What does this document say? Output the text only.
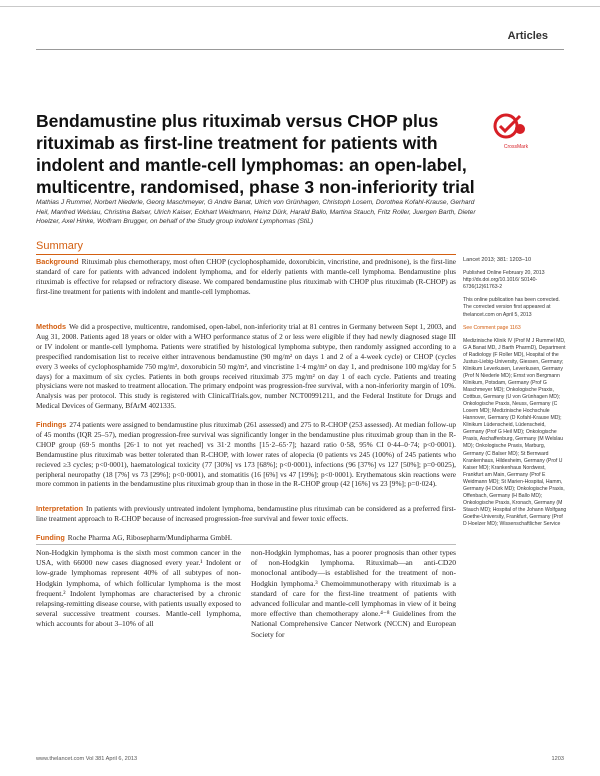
Articles
CrossMark
Bendamustine plus rituximab versus CHOP plus rituximab as first-line treatment for patients with indolent and mantle-cell lymphomas: an open-label, multicentre, randomised, phase 3 non-inferiority trial
Mathias J Rummel, Norbert Niederle, Georg Maschmeyer, G Andre Banat, Ulrich von Grünhagen, Christoph Losem, Dorothea Kofahl-Krause, Gerhard Heil, Manfred Welslau, Christina Balser, Ulrich Kaiser, Eckhart Weidmann, Heinz Dürk, Harald Ballo, Martina Stauch, Fritz Roller, Juergen Barth, Dieter Hoelzer, Axel Hinke, Wolfram Brugger, on behalf of the Study group indolent Lymphomas (StiL)
Summary

Background Rituximab plus chemotherapy, most often CHOP (cyclophosphamide, doxorubicin, vincristine, and prednisone), is the first-line standard of care for patients with advanced indolent lymphoma, and for elderly patients with mantle-cell lymphoma. Bendamustine plus rituximab is effective for relapsed or refractory disease. We compared bendamustine plus rituximab with CHOP plus rituximab (R-CHOP) as first-line treatment for patients with indolent and mantle-cell lymphomas.

Methods We did a prospective, multicentre, randomised, open-label, non-inferiority trial at 81 centres in Germany between Sept 1, 2003, and Aug 31, 2008. Patients aged 18 years or older with a WHO performance status of 2 or less were eligible if they had newly diagnosed stage III or IV indolent or mantle-cell lymphoma. Patients were stratified by histological lymphoma subtype, then randomly assigned according to a prespecified randomisation list to receive either intravenous bendamustine (90 mg/m² on days 1 and 2 of a 4-week cycle) or CHOP (cycles every 3 weeks of cyclophosphamide 750 mg/m², doxorubicin 50 mg/m², and vincristine 1·4 mg/m² on day 1, and prednisone 100 mg/day for 5 days) for a maximum of six cycles. Patients in both groups received rituximab 375 mg/m² on day 1 of each cycle. Patients and treating physicians were not masked to treatment allocation. The primary endpoint was progression-free survival, with a non-inferiority margin of 10%. Analysis was per protocol. This study is registered with ClinicalTrials.gov, number NCT00991211, and the Federal Institute for Drugs and Medical Devices of Germany, BfArM 4021335.

Findings 274 patients were assigned to bendamustine plus rituximab (261 assessed) and 275 to R-CHOP (253 assessed). At median follow-up of 45 months (IQR 25–57), median progression-free survival was significantly longer in the bendamustine plus rituximab group than in the R-CHOP group (69·5 months [26·1 to not yet reached] vs 31·2 months [15·2–65·7]; hazard ratio 0·58, 95% CI 0·44–0·74; p<0·0001). Bendamustine plus rituximab was better tolerated than R-CHOP, with lower rates of alopecia (0 patients vs 245 (100%) of 245 patients who recieved ≥3 cycles; p<0·0001), haematological toxicity (77 [30%] vs 173 [68%]; p<0·0001), infections (96 [37%] vs 127 [50%]; p=0·0025), peripheral neuropathy (18 [7%] vs 73 [29%]; p<0·0001), and stomatitis (16 [6%] vs 47 [19%]; p<0·0001). Erythematous skin reactions were more common in patients in the bendamustine plus rituximab group than in those in the R-CHOP group (42 [16%] vs 23 [9%]; p=0·024).

Interpretation In patients with previously untreated indolent lymphoma, bendamustine plus rituximab can be considered as a preferred first-line treatment approach to R-CHOP because of increased progression-free survival and fewer toxic effects.

Funding Roche Pharma AG, Ribosepharm/Mundipharma GmbH.

Non-Hodgkin lymphoma is the sixth most common cancer in the USA, with 66000 new cases diagnosed every year.¹ Indolent or low-grade lymphomas represent 40% of all subtypes of non-Hodgkin lymphoma, of which follicular lymphoma is the most frequent.² Indolent lymphomas are characterised by a chronic relapsing-remitting disease course, with patients usually exposed to several successive treatment courses. Mantle-cell lymphoma, which accounts for about 3–10% of all

non-Hodgkin lymphomas, has a poorer prognosis than other types of non-Hodgkin lymphoma. Rituximab—an anti-CD20 monoclonal antibody—is established for the treatment of non-Hodgkin lymphoma.³ Chemoimmunotherapy with rituximab is a standard of care for the first-line treatment of patients with advanced follicular and mantle-cell lymphomas in view of it being more effective than chemotherapy alone.⁴⁻⁸ Guidelines from the National Comprehensive Cancer Network (NCCN) and European Society for

Lancet 2013; 381: 1203–10
Published Online February 20, 2013 http://dx.doi.org/10.1016/ S0140-6736(12)61763-2
This online publication has been corrected. The corrected version first appeared at thelancet.com on April 5, 2013
See Comment page 1163
Medizinische Klinik IV (Prof M J Rummel MD, G A Banat MD, J Barth PharmD), Department of Radiology (F Roller MD), Hospital of the Justus-Liebig-University, Giessen, Germany; Klinikum Leverkusen, Leverkusen, Germany (Prof N Niederle MD); Ernst von Bergmann Klinikum, Potsdam, Germany (Prof G Maschmeyer MD); Onkologische Praxis, Cottbus, Germany (U von Grünhagen MD); Onkologische Praxis, Neuss, Germany (C Losem MD); Medizinische Hochschule Hannover, Germany (D Kofahl-Krause MD); Klinikum Lüdenscheid, Lüdenscheid, Germany (Prof G Heil MD); Onkologische Praxis, Aschaffenburg, Germany (M Welslau MD); Onkologische Praxis, Marburg, Germany (C Balser MD); St Bernward Krankenhaus, Hildesheim, Germany (Prof U Kaiser MD); Krankenhaus Nordwest, Frankfurt am Main, Germany (Prof E Weidmann MD); St Marien-Hospital, Hamm, Germany (H Dürk MD); Onkologische Praxis, Offenbach, Germany (H Ballo MD); Onkologische Praxis, Kronach, Germany (M Stauch MD); Hospital of the Johann Wolfgang Goethe-University, Frankfurt, Germany (Prof D Hoelzer MD); Wissenschaftlicher Service
www.thelancet.com Vol 381 April 6, 2013	1203
